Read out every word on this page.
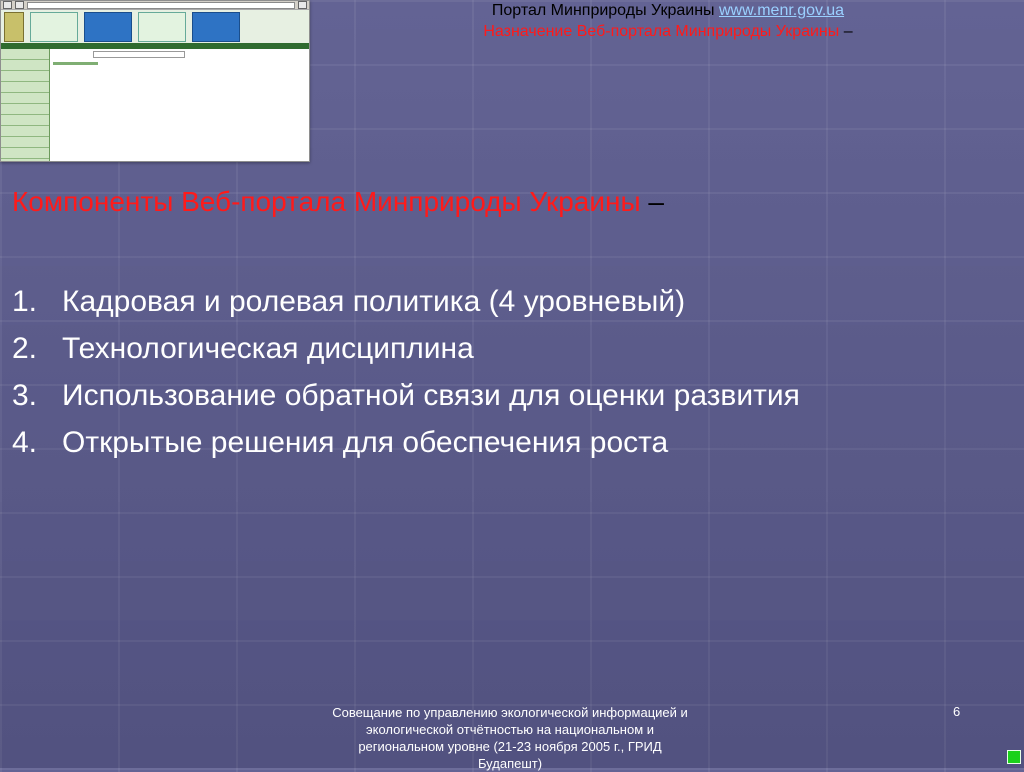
Портал Минприроды Украины www.menr.gov.ua
Назначение Веб-портала Минприроды Украины –
Компоненты Веб-портала Минприроды Украины –
1. Кадровая и ролевая политика (4 уровневый)
2. Технологическая дисциплина
3. Использование обратной связи для оценки развития
4. Открытые решения для обеспечения роста
Совещание по управлению экологической информацией и экологической отчётностью на национальном и региональном уровне (21-23 ноября 2005 г., ГРИД Будапешт)
6
